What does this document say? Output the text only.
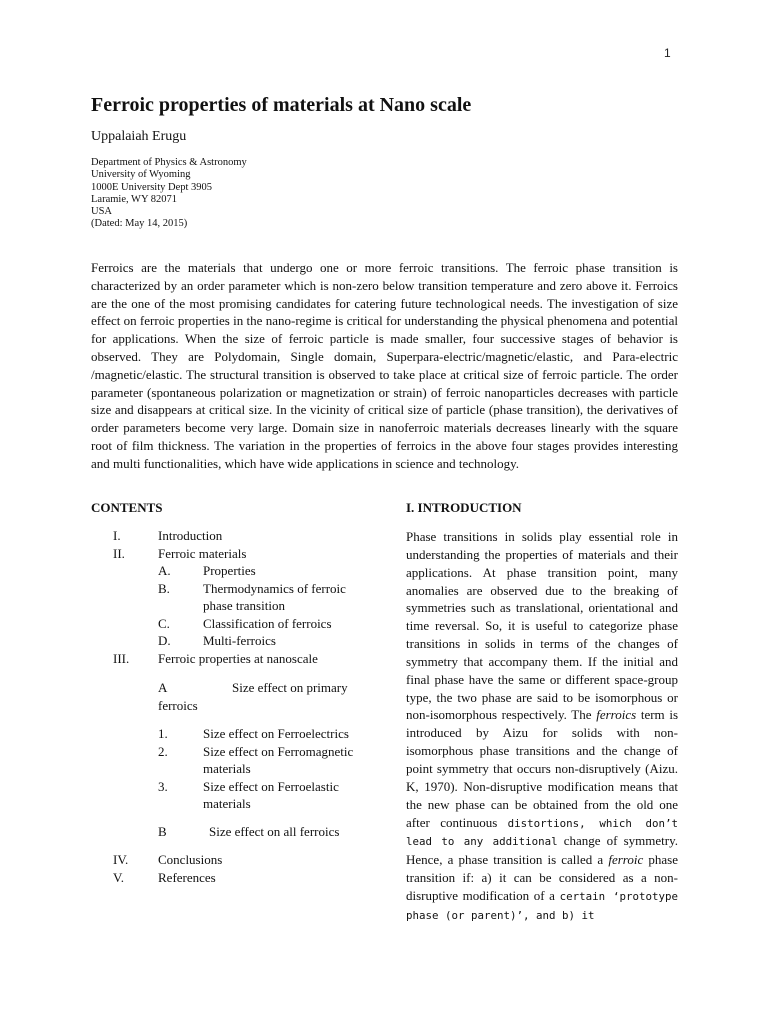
1
Ferroic properties of materials at Nano scale
Uppalaiah Erugu
Department of Physics & Astronomy
University of Wyoming
1000E University Dept 3905
Laramie, WY 82071
USA
(Dated: May 14, 2015)

Ferroics are the materials that undergo one or more ferroic transitions. The ferroic phase transition is characterized by an order parameter which is non-zero below transition temperature and zero above it. Ferroics are the one of the most promising candidates for catering future technological needs. The investigation of size effect on ferroic properties in the nano-regime is critical for understanding the physical phenomena and potential for applications. When the size of ferroic particle is made smaller, four successive stages of behavior is observed. They are Polydomain, Single domain, Superpara-electric/magnetic/elastic, and Para-electric /magnetic/elastic. The structural transition is observed to take place at critical size of ferroic particle. The order parameter (spontaneous polarization or magnetization or strain) of ferroic nanoparticles decreases with particle size and disappears at critical size. In the vicinity of critical size of particle (phase transition), the derivatives of order parameters become very large. Domain size in nanoferroic materials decreases linearly with the square root of film thickness. The variation in the properties of ferroics in the above four stages provides interesting and multi functionalities, which have wide applications in science and technology.

CONTENTS
I.	Introduction
II.	Ferroic materials
A. Properties
B.	Thermodynamics of ferroic
phase transition
C.	Classification of ferroics
D. Multi-ferroics
III. Ferroic properties at nanoscale
A	Size effect on primary
ferroics
1.	Size effect on Ferroelectrics
2.	Size effect on Ferromagnetic
materials
3.	Size effect on Ferroelastic
materials
B	Size effect on all ferroics
IV. Conclusions
V.	References
I. INTRODUCTION

Phase transitions in solids play essential role in understanding the properties of materials and their applications. At phase transition point, many anomalies are observed due to the breaking of symmetries such as translational, orientational and time reversal. So, it is useful to categorize phase transitions in solids in terms of the changes of symmetry that accompany them. If the initial and final phase have the same or different space-group type, the two phase are said to be isomorphous or non-isomorphous respectively. The ferroics term is introduced by Aizu for solids with non-isomorphous phase transitions and the change of point symmetry that occurs non-disruptively (Aizu. K, 1970). Non-disruptive modification means that the new phase can be obtained from the old one after continuous distortions, which don’t lead to any additional change of symmetry. Hence, a phase transition is called a ferroic phase transition if: a) it can be considered as a non-disruptive modification of a certain ‘prototype phase (or parent)’, and b) it
